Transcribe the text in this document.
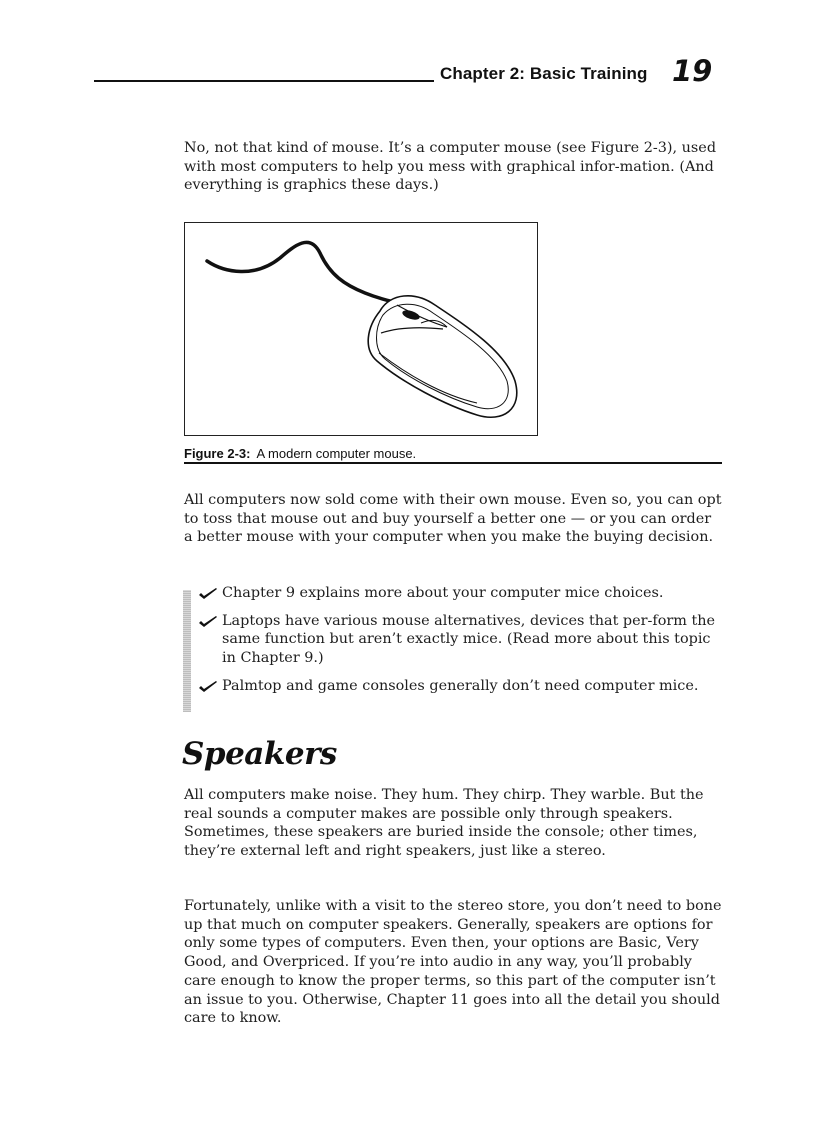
Chapter 2: Basic Training 19

No, not that kind of mouse. It’s a computer mouse (see Figure 2-3), used with most computers to help you mess with graphical infor-mation. (And everything is graphics these days.)

Figure 2-3: A modern computer mouse.

All computers now sold come with their own mouse. Even so, you can opt to toss that mouse out and buy yourself a better one — or you can order a better mouse with your computer when you make the buying decision.

Chapter 9 explains more about your computer mice choices.
Laptops have various mouse alternatives, devices that per-form the same function but aren’t exactly mice. (Read more about this topic in Chapter 9.)
Palmtop and game consoles generally don’t need computer mice.
Speakers

All computers make noise. They hum. They chirp. They warble. But the real sounds a computer makes are possible only through speakers. Sometimes, these speakers are buried inside the console; other times, they’re external left and right speakers, just like a stereo.

Fortunately, unlike with a visit to the stereo store, you don’t need to bone up that much on computer speakers. Generally, speakers are options for only some types of computers. Even then, your options are Basic, Very Good, and Overpriced. If you’re into audio in any way, you’ll probably care enough to know the proper terms, so this part of the computer isn’t an issue to you. Otherwise, Chapter 11 goes into all the detail you should care to know.
